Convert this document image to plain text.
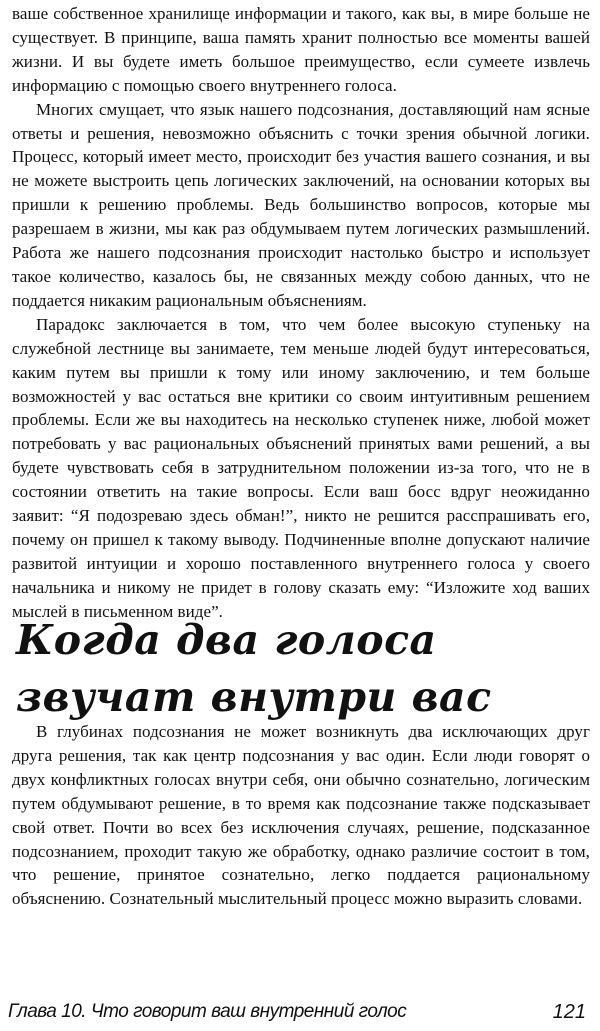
ваше собственное хранилище информации и такого, как вы, в мире больше не существует. В принципе, ваша память хранит полностью все моменты вашей жизни. И вы будете иметь большое преимущество, если сумеете извлечь информацию с помощью своего внутреннего голоса.

Многих смущает, что язык нашего подсознания, доставляющий нам ясные ответы и решения, невозможно объяснить с точки зрения обычной логики. Процесс, который имеет место, происходит без участия вашего сознания, и вы не можете выстроить цепь логических заключений, на основании которых вы пришли к решению проблемы. Ведь большинство вопросов, которые мы разрешаем в жизни, мы как раз обдумываем путем логических размышлений. Работа же нашего подсознания происходит настолько быстро и использует такое количество, казалось бы, не связанных между собою данных, что не поддается никаким рациональным объяснениям.

Парадокс заключается в том, что чем более высокую ступеньку на служебной лестнице вы занимаете, тем меньше людей будут интересоваться, каким путем вы пришли к тому или иному заключению, и тем больше возможностей у вас остаться вне критики со своим интуитивным решением проблемы. Если же вы находитесь на несколько ступенек ниже, любой может потребовать у вас рациональных объяснений принятых вами решений, а вы будете чувствовать себя в затруднительном положении из-за того, что не в состоянии ответить на такие вопросы. Если ваш босс вдруг неожиданно заявит: “Я подозреваю здесь обман!”, никто не решится расспрашивать его, почему он пришел к такому выводу. Подчиненные вполне допускают наличие развитой интуиции и хорошо поставленного внутреннего голоса у своего начальника и никому не придет в голову сказать ему: “Изложите ход ваших мыслей в письменном виде”.

Когда два голоса звучат внутри вас

В глубинах подсознания не может возникнуть два исключающих друг друга решения, так как центр подсознания у вас один. Если люди говорят о двух конфликтных голосах внутри себя, они обычно сознательно, логическим путем обдумывают решение, в то время как подсознание также подсказывает свой ответ. Почти во всех без исключения случаях, решение, подсказанное подсознанием, проходит такую же обработку, однако различие состоит в том, что решение, принятое сознательно, легко поддается рациональному объяснению. Сознательный мыслительный процесс можно выразить словами.

Глава 10. Что говорит ваш внутренний голос	121
